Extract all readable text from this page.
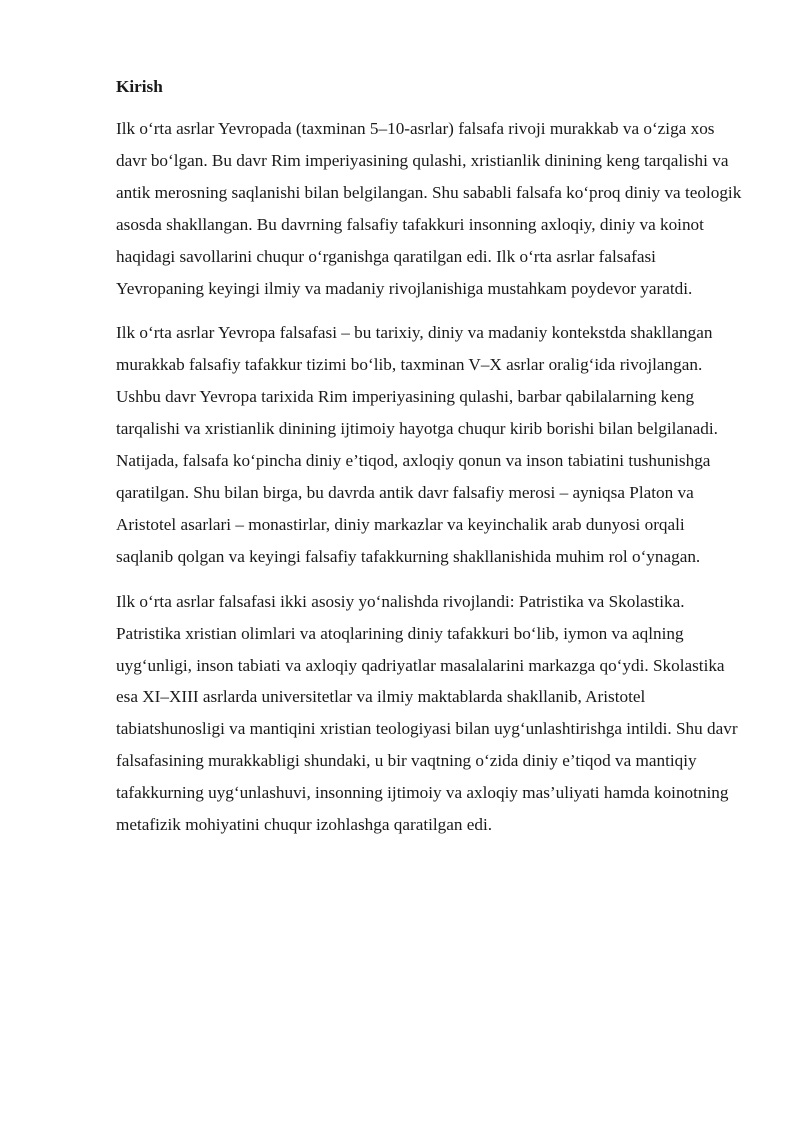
Kirish

Ilk o‘rta asrlar Yevropada (taxminan 5–10-asrlar) falsafa rivoji murakkab va o‘ziga xos davr bo‘lgan. Bu davr Rim imperiyasining qulashi, xristianlik dinining keng tarqalishi va antik merosning saqlanishi bilan belgilangan. Shu sababli falsafa ko‘proq diniy va teologik asosda shakllangan. Bu davrning falsafiy tafakkuri insonning axloqiy, diniy va koinot haqidagi savollarini chuqur o‘rganishga qaratilgan edi. Ilk o‘rta asrlar falsafasi Yevropaning keyingi ilmiy va madaniy rivojlanishiga mustahkam poydevor yaratdi.

Ilk o‘rta asrlar Yevropa falsafasi – bu tarixiy, diniy va madaniy kontekstda shakllangan murakkab falsafiy tafakkur tizimi bo‘lib, taxminan V–X asrlar oralig‘ida rivojlangan. Ushbu davr Yevropa tarixida Rim imperiyasining qulashi, barbar qabilalarning keng tarqalishi va xristianlik dinining ijtimoiy hayotga chuqur kirib borishi bilan belgilanadi. Natijada, falsafa ko‘pincha diniy e’tiqod, axloqiy qonun va inson tabiatini tushunishga qaratilgan. Shu bilan birga, bu davrda antik davr falsafiy merosi – ayniqsa Platon va Aristotel asarlari – monastirlar, diniy markazlar va keyinchalik arab dunyosi orqali saqlanib qolgan va keyingi falsafiy tafakkurning shakllanishida muhim rol o‘ynagan.

Ilk o‘rta asrlar falsafasi ikki asosiy yo‘nalishda rivojlandi: Patristika va Skolastika. Patristika xristian olimlari va atoqlarining diniy tafakkuri bo‘lib, iymon va aqlning uyg‘unligi, inson tabiati va axloqiy qadriyatlar masalalarini markazga qo‘ydi. Skolastika esa XI–XIII asrlarda universitetlar va ilmiy maktablarda shakllanib, Aristotel tabiatshunosligi va mantiqini xristian teologiyasi bilan uyg‘unlashtirishga intildi. Shu davr falsafasining murakkabligi shundaki, u bir vaqtning o‘zida diniy e’tiqod va mantiqiy tafakkurning uyg‘unlashuvi, insonning ijtimoiy va axloqiy mas’uliyati hamda koinotning metafizik mohiyatini chuqur izohlashga qaratilgan edi.
